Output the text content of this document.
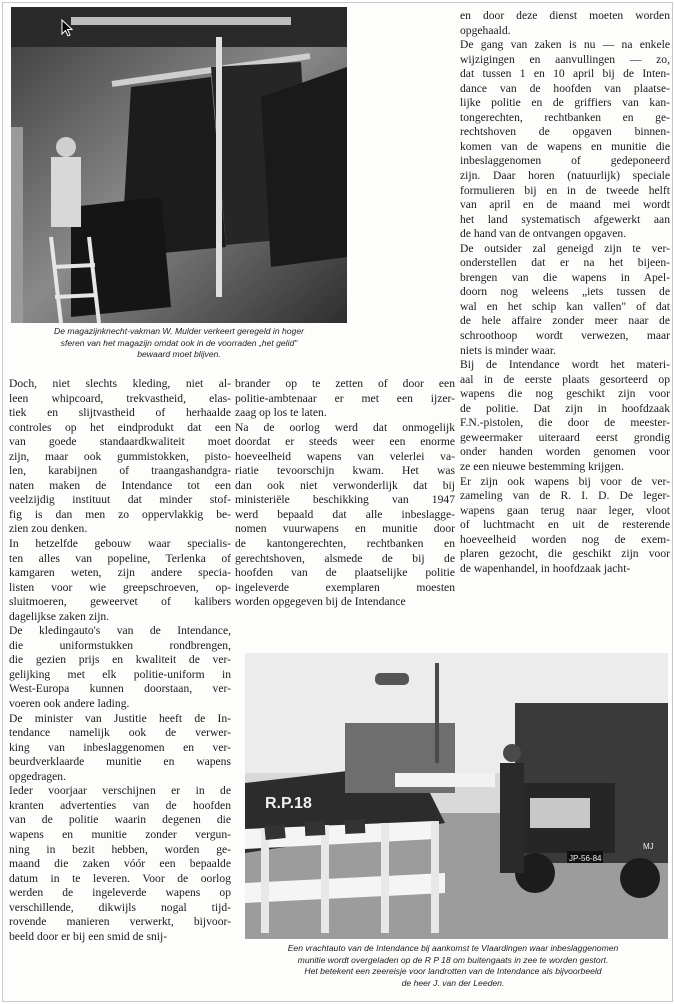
R.P.18
JP-56-84
MJ
De magazijnknecht-vakman W. Mulder verkeert geregeld in hoger
sferen van het magazijn omdat ook in de voorraden „het gelid"
bewaard moet blijven.
Een vrachtauto van de Intendance bij aankomst te Vlaardingen waar inbeslaggenomen
munitie wordt overgeladen op de R P 18 om buitengaats in zee te worden gestort.
Het betekent een zeereisje voor landrotten van de Intendance als bijvoorbeeld
de heer J. van der Leeden.

Doch, niet slechts kleding, niet al-
leen whipcoard, trekvastheid, elas-
tiek en slijtvastheid of herhaalde
controles op het eindprodukt dat een
van goede standaardkwaliteit moet
zijn, maar ook gummistokken, pisto-
len, karabijnen of traangashandgra-
naten maken de Intendance tot een
veelzijdig instituut dat minder stof-
fig is dan men zo oppervlakkig be-
zien zou denken.

In hetzelfde gebouw waar specialis-
ten alles van popeline, Terlenka of
kamgaren weten, zijn andere specia-
listen voor wie greepschroeven, op-
sluitmoeren, geweervet of kalibers
dagelijkse zaken zijn.

De kledingauto's van de Intendance,
die uniformstukken rondbrengen,
die gezien prijs en kwaliteit de ver-
gelijking met elk politie-uniform in
West-Europa kunnen doorstaan, ver-
voeren ook andere lading.

De minister van Justitie heeft de In-
tendance namelijk ook de verwer-
king van inbeslaggenomen en ver-
beurdverklaarde munitie en wapens
opgedragen.

Ieder voorjaar verschijnen er in de
kranten advertenties van de hoofden
van de politie waarin degenen die
wapens en munitie zonder vergun-
ning in bezit hebben, worden ge-
maand die zaken vóór een bepaalde
datum in te leveren. Voor de oorlog
werden de ingeleverde wapens op
verschillende, dikwijls nogal tijd-
rovende manieren verwerkt, bijvoor-
beeld door er bij een smid de snij-

brander op te zetten of door een
politie-ambtenaar er met een ijzer-
zaag op los te laten.

Na de oorlog werd dat onmogelijk
doordat er steeds weer een enorme
hoeveelheid wapens van velerlei va-
riatie tevoorschijn kwam. Het was
dan ook niet verwonderlijk dat bij
ministeriële beschikking van 1947
werd bepaald dat alle inbeslagge-
nomen vuurwapens en munitie door
de kantongerechten, rechtbanken en
gerechtshoven, alsmede de bij de
hoofden van de plaatselijke politie
ingeleverde exemplaren moesten
worden opgegeven bij de Intendance

en door deze dienst moeten worden
opgehaald.

De gang van zaken is nu — na enkele
wijzigingen en aanvullingen — zo,
dat tussen 1 en 10 april bij de Inten-
dance van de hoofden van plaatse-
lijke politie en de griffiers van kan-
tongerechten, rechtbanken en ge-
rechtshoven de opgaven binnen-
komen van de wapens en munitie die
inbeslaggenomen of gedeponeerd
zijn. Daar horen (natuurlijk) speciale
formulieren bij en in de tweede helft
van april en de maand mei wordt
het land systematisch afgewerkt aan
de hand van de ontvangen opgaven.

De outsider zal geneigd zijn te ver-
onderstellen dat er na het bijeen-
brengen van die wapens in Apel-
doorn nog weleens „iets tussen de
wal en het schip kan vallen" of dat
de hele affaire zonder meer naar de
schroothoop wordt verwezen, maar
niets is minder waar.

Bij de Intendance wordt het materi-
aal in de eerste plaats gesorteerd op
wapens die nog geschikt zijn voor
de politie. Dat zijn in hoofdzaak
F.N.-pistolen, die door de meester-
geweermaker uiteraard eerst grondig
onder handen worden genomen voor
ze een nieuwe bestemming krijgen.

Er zijn ook wapens bij voor de ver-
zameling van de R. I. D. De leger-
wapens gaan terug naar leger, vloot
of luchtmacht en uit de resterende
hoeveelheid worden nog de exem-
plaren gezocht, die geschikt zijn voor
de wapenhandel, in hoofdzaak jacht-
